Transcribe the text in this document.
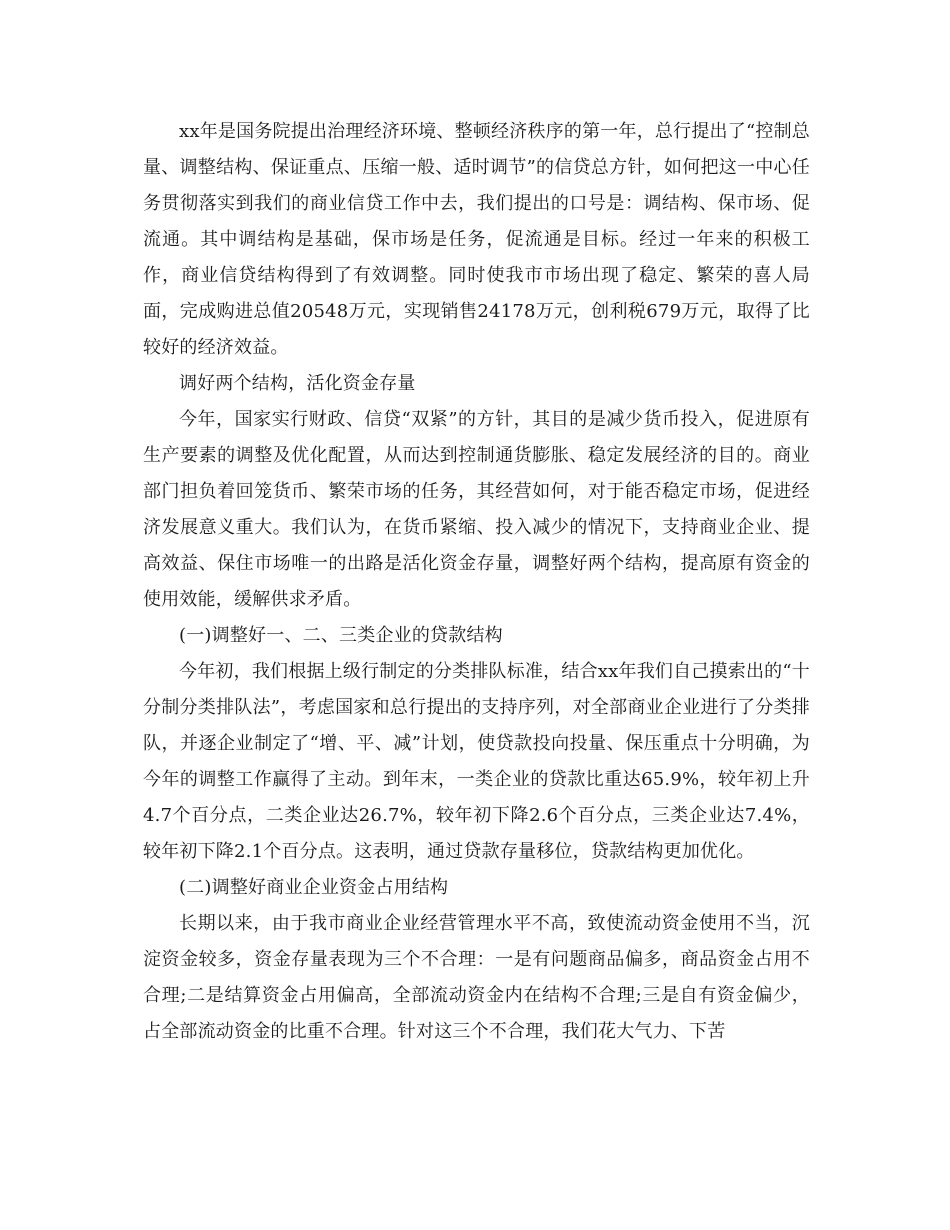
xx年是国务院提出治理经济环境、整顿经济秩序的第一年，总行提出了“控制总量、调整结构、保证重点、压缩一般、适时调节”的信贷总方针，如何把这一中心任务贯彻落实到我们的商业信贷工作中去，我们提出的口号是：调结构、保市场、促流通。其中调结构是基础，保市场是任务，促流通是目标。经过一年来的积极工作，商业信贷结构得到了有效调整。同时使我市市场出现了稳定、繁荣的喜人局面，完成购进总值20548万元，实现销售24178万元，创利税679万元，取得了比较好的经济效益。

调好两个结构，活化资金存量

今年，国家实行财政、信贷“双紧”的方针，其目的是减少货币投入，促进原有生产要素的调整及优化配置，从而达到控制通货膨胀、稳定发展经济的目的。商业部门担负着回笼货币、繁荣市场的任务，其经营如何，对于能否稳定市场，促进经济发展意义重大。我们认为，在货币紧缩、投入减少的情况下，支持商业企业、提高效益、保住市场唯一的出路是活化资金存量，调整好两个结构，提高原有资金的使用效能，缓解供求矛盾。

(一)调整好一、二、三类企业的贷款结构

今年初，我们根据上级行制定的分类排队标准，结合xx年我们自己摸索出的“十分制分类排队法”，考虑国家和总行提出的支持序列，对全部商业企业进行了分类排队，并逐企业制定了“增、平、减”计划，使贷款投向投量、保压重点十分明确，为今年的调整工作赢得了主动。到年末，一类企业的贷款比重达65.9%，较年初上升4.7个百分点，二类企业达26.7%，较年初下降2.6个百分点，三类企业达7.4%，较年初下降2.1个百分点。这表明，通过贷款存量移位，贷款结构更加优化。

(二)调整好商业企业资金占用结构

长期以来，由于我市商业企业经营管理水平不高，致使流动资金使用不当，沉淀资金较多，资金存量表现为三个不合理：一是有问题商品偏多，商品资金占用不合理;二是结算资金占用偏高，全部流动资金内在结构不合理;三是自有资金偏少，占全部流动资金的比重不合理。针对这三个不合理，我们花大气力、下苦
